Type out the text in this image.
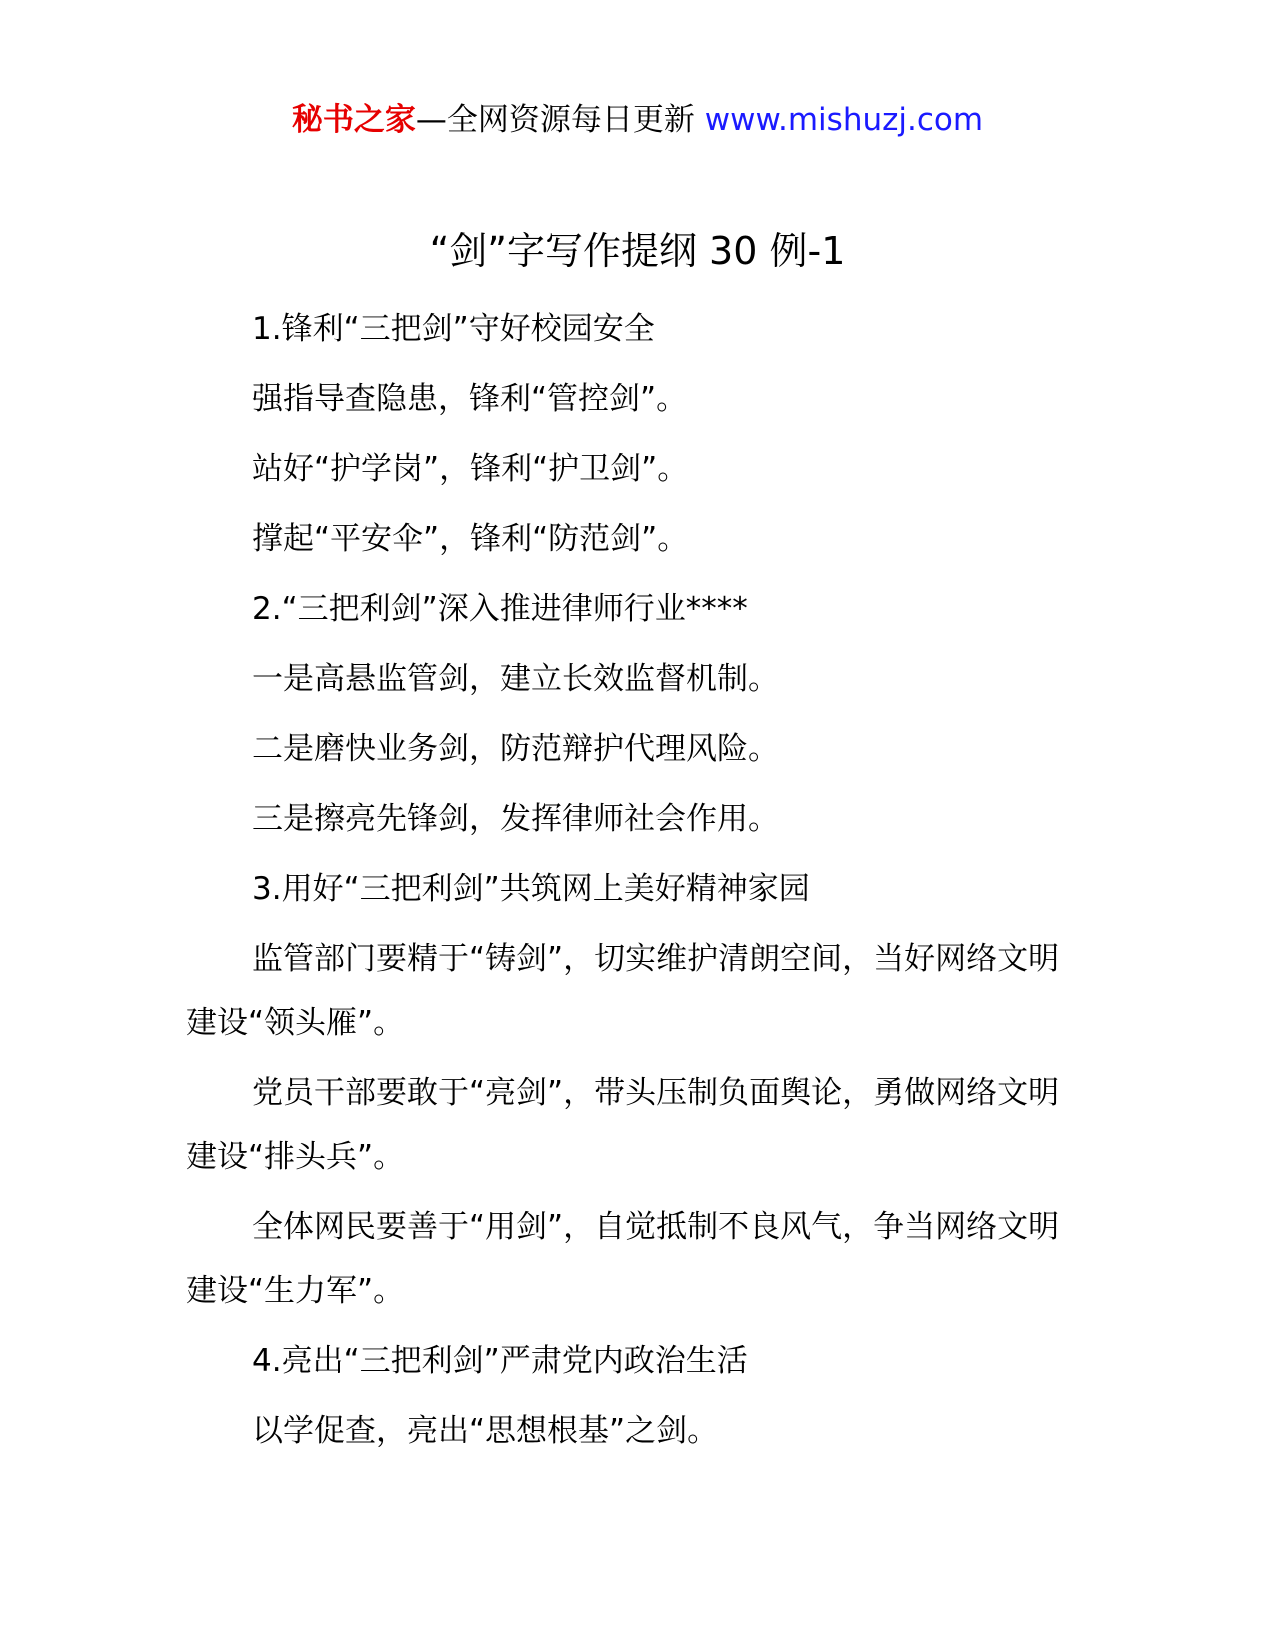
秘书之家—全网资源每日更新 www.mishuzj.com
“剑”字写作提纲 30 例-1

1.锋利“三把剑”守好校园安全

强指导查隐患，锋利“管控剑”。

站好“护学岗”，锋利“护卫剑”。

撑起“平安伞”，锋利“防范剑”。

2.“三把利剑”深入推进律师行业****

一是高悬监管剑，建立长效监督机制。

二是磨快业务剑，防范辩护代理风险。

三是擦亮先锋剑，发挥律师社会作用。

3.用好“三把利剑”共筑网上美好精神家园

监管部门要精于“铸剑”，切实维护清朗空间，当好网络文明建设“领头雁”。

党员干部要敢于“亮剑”，带头压制负面舆论，勇做网络文明建设“排头兵”。

全体网民要善于“用剑”，自觉抵制不良风气，争当网络文明建设“生力军”。

4.亮出“三把利剑”严肃党内政治生活

以学促查，亮出“思想根基”之剑。
